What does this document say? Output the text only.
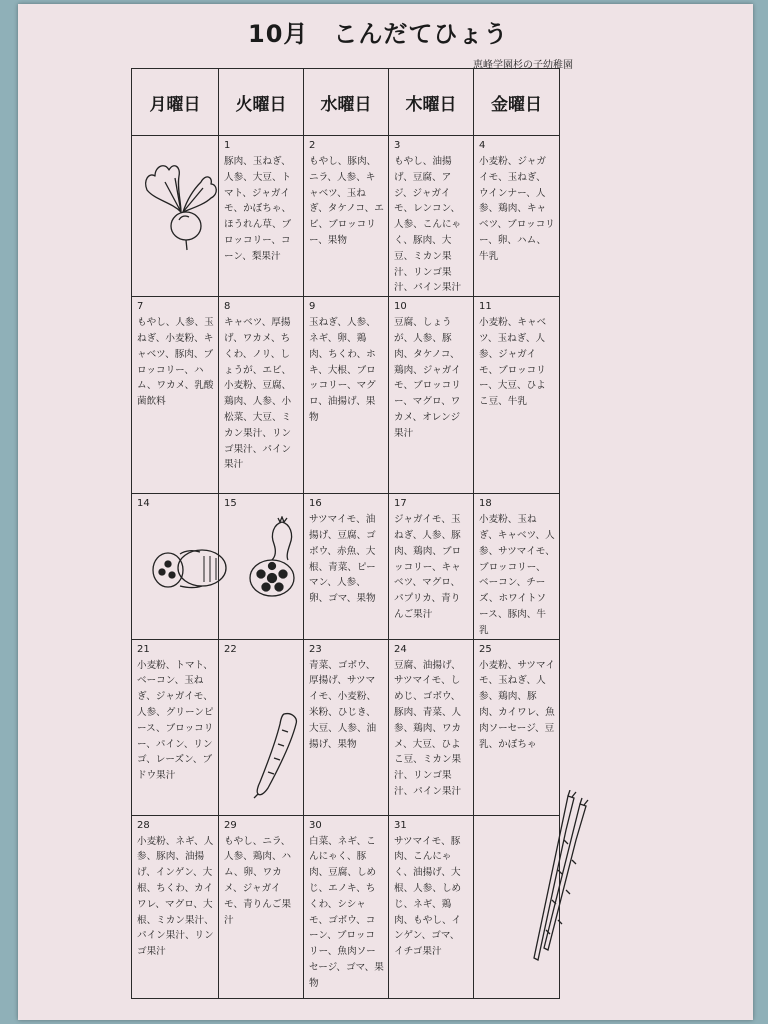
10月　こんだてひょう
恵峰学園杉の子幼稚園
月曜日	火曜日	水曜日	木曜日	金曜日

	1
豚肉、玉ねぎ、人参、大豆、トマト、ジャガイモ、かぼちゃ、ほうれん草、ブロッコリー、コーン、梨果汁	2
もやし、豚肉、ニラ、人参、キャベツ、玉ねぎ、タケノコ、エビ、ブロッコリー、果物	3
もやし、油揚げ、豆腐、アジ、ジャガイモ、レンコン、人参、こんにゃく、豚肉、大豆、ミカン果汁、リンゴ果汁、パイン果汁	4
小麦粉、ジャガイモ、玉ねぎ、ウインナー、人参、鶏肉、キャベツ、ブロッコリー、卵、ハム、牛乳

7
もやし、人参、玉ねぎ、小麦粉、キャベツ、豚肉、ブロッコリー、ハム、ワカメ、乳酸菌飲料	8
キャベツ、厚揚げ、ワカメ、ちくわ、ノリ、しょうが、エビ、小麦粉、豆腐、鶏肉、人参、小松菜、大豆、ミカン果汁、リンゴ果汁、パイン果汁	9
玉ねぎ、人参、ネギ、卵、鶏肉、ちくわ、ホキ、大根、ブロッコリー、マグロ、油揚げ、果物	10
豆腐、しょうが、人参、豚肉、タケノコ、鶏肉、ジャガイモ、ブロッコリー、マグロ、ワカメ、オレンジ果汁	11
小麦粉、キャベツ、玉ねぎ、人参、ジャガイモ、ブロッコリー、大豆、ひよこ豆、牛乳

14	15	16
サツマイモ、油揚げ、豆腐、ゴボウ、赤魚、大根、青菜、ピーマン、人参、卵、ゴマ、果物	17
ジャガイモ、玉ねぎ、人参、豚肉、鶏肉、ブロッコリー、キャベツ、マグロ、パプリカ、青りんご果汁	18
小麦粉、玉ねぎ、キャベツ、人参、サツマイモ、ブロッコリー、ベーコン、チーズ、ホワイトソース、豚肉、牛乳

21
小麦粉、トマト、ベーコン、玉ねぎ、ジャガイモ、人参、グリーンピース、ブロッコリー、パイン、リンゴ、レーズン、ブドウ果汁	22	23
青菜、ゴボウ、厚揚げ、サツマイモ、小麦粉、米粉、ひじき、大豆、人参、油揚げ、果物	24
豆腐、油揚げ、サツマイモ、しめじ、ゴボウ、豚肉、青菜、人参、鶏肉、ワカメ、大豆、ひよこ豆、ミカン果汁、リンゴ果汁、パイン果汁	25
小麦粉、サツマイモ、玉ねぎ、人参、鶏肉、豚肉、カイワレ、魚肉ソーセージ、豆乳、かぼちゃ

28
小麦粉、ネギ、人参、豚肉、油揚げ、インゲン、大根、ちくわ、カイワレ、マグロ、大根、ミカン果汁、パイン果汁、リンゴ果汁	29
もやし、ニラ、人参、鶏肉、ハム、卵、ワカメ、ジャガイモ、青りんご果汁	30
白菜、ネギ、こんにゃく、豚肉、豆腐、しめじ、エノキ、ちくわ、シシャモ、ゴボウ、コーン、ブロッコリー、魚肉ソーセージ、ゴマ、果物	31
サツマイモ、豚肉、こんにゃく、油揚げ、大根、人参、しめじ、ネギ、鶏肉、もやし、インゲン、ゴマ、イチゴ果汁	
